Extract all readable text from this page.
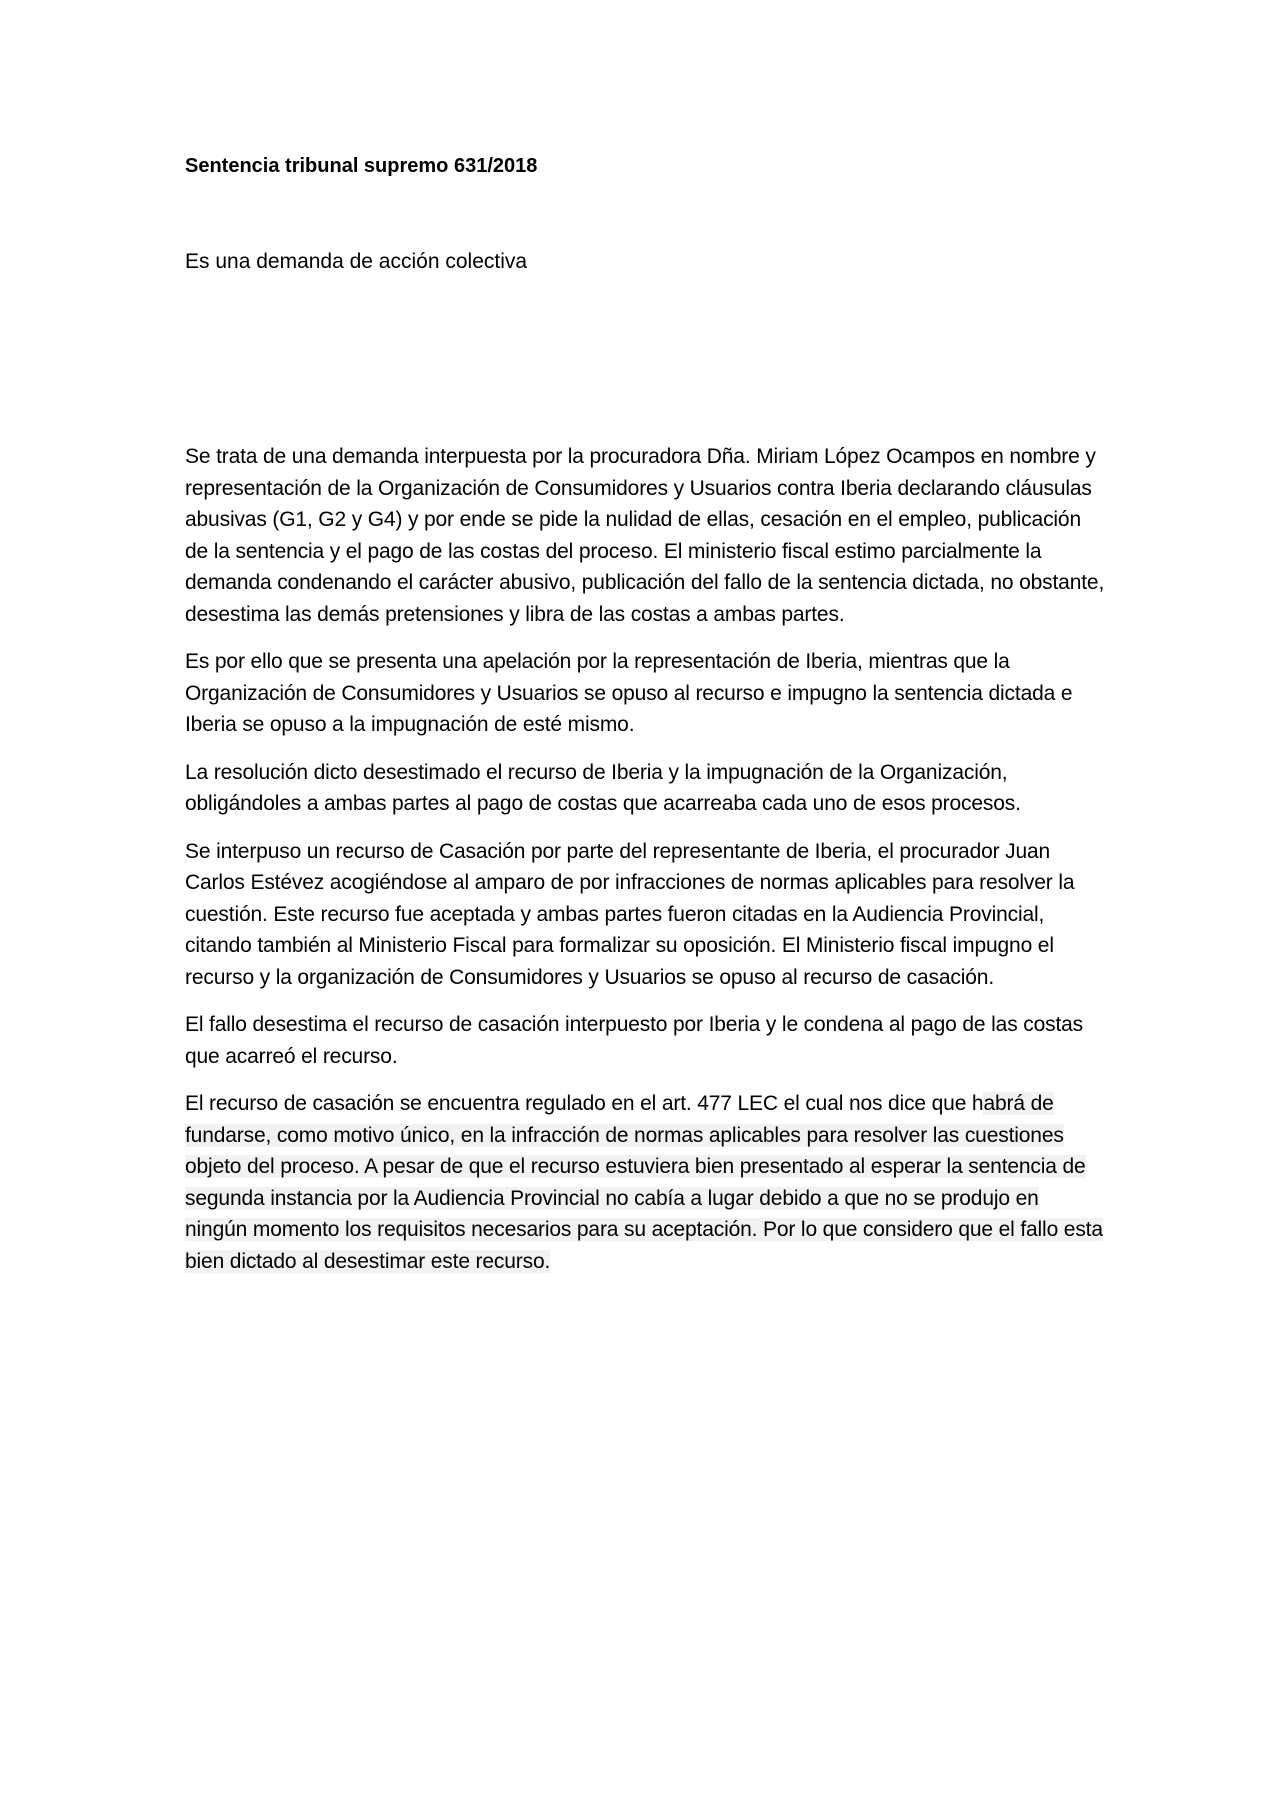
Sentencia tribunal supremo 631/2018

Es una demanda de acción colectiva

Se trata de una demanda interpuesta por la procuradora Dña. Miriam López Ocampos en nombre y representación de la Organización de Consumidores y Usuarios contra Iberia declarando cláusulas abusivas (G1, G2 y G4) y por ende se pide la nulidad de ellas, cesación en el empleo, publicación de la sentencia y el pago de las costas del proceso. El ministerio fiscal estimo parcialmente la demanda condenando el carácter abusivo, publicación del fallo de la sentencia dictada, no obstante, desestima las demás pretensiones y libra de las costas a ambas partes.

Es por ello que se presenta una apelación por la representación de Iberia, mientras que la Organización de Consumidores y Usuarios se opuso al recurso e impugno la sentencia dictada e Iberia se opuso a la impugnación de esté mismo.

La resolución dicto desestimado el recurso de Iberia y la impugnación de la Organización, obligándoles a ambas partes al pago de costas que acarreaba cada uno de esos procesos.

Se interpuso un recurso de Casación por parte del representante de Iberia, el procurador Juan Carlos Estévez acogiéndose al amparo de por infracciones de normas aplicables para resolver la cuestión. Este recurso fue aceptada y ambas partes fueron citadas en la Audiencia Provincial, citando también al Ministerio Fiscal para formalizar su oposición. El Ministerio fiscal impugno el recurso y la organización de Consumidores y Usuarios se opuso al recurso de casación.

El fallo desestima el recurso de casación interpuesto por Iberia y le condena al pago de las costas que acarreó el recurso.

El recurso de casación se encuentra regulado en el art. 477 LEC el cual nos dice que habrá de fundarse, como motivo único, en la infracción de normas aplicables para resolver las cuestiones objeto del proceso. A pesar de que el recurso estuviera bien presentado al esperar la sentencia de segunda instancia por la Audiencia Provincial no cabía a lugar debido a que no se produjo en ningún momento los requisitos necesarios para su aceptación. Por lo que considero que el fallo esta bien dictado al desestimar este recurso.
